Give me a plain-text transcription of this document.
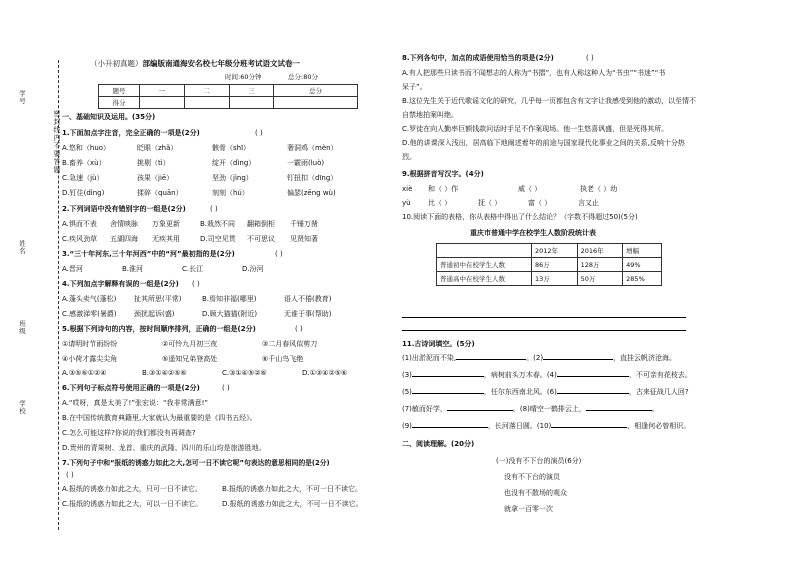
密封线内不要答题
学号
姓名
班级
学校
（小升初真题）部编版南通海安名校七年级分班考试语文试卷一
时间:60分钟	总分:80分
题号	一	二	三	总分
得分				
一、基础知识及运用。(35分)
1.下面加点字注音，完全正确的一项是(2分)	( )
A.悠和（huo）	眨眼（zhǎ）	骸骨（shī）	奢洞鸡（mèn）
B.畜养（xù）	挑剔（tì）	绽开（dìng）	一霰雨(luò)
C.急速（jù）	孩果（jiē）	坚劲（jìng）	钉扭扣（dīng）
D.钉住(dìng)	揉碎（quān）	刻刻（hú）	偏瑟(zēng wù)
2.下列词语中没有错别字的一组是(2分)	( )
A.惧而不表 舍情映脉 万象更新	B.栽然不同 翻箱倒柜 千锤万凿
C.疾风劲草 五湖四海 无疾其用	D.司空见贯 不可思议 见贤知著
3.“三十年河东,三十年河西”中的“河”最初指的是(2分)	( )
A.晋河	B.淮河	C.长江	D.汾河
4.下列加点字解释有误的一组是(2分) ( )
A.蓬头卖气(蓬松)	扯其所思(平常)	B.焉知非福(哪里)	语人不倦(教育)
C.感激涕零(暑爵) 颈扰起诉(盛)	D.顾大猫猫(附近)	无谁于事(帮助)
5.根据下列诗句的内容，按时间顺序排列，正确的一组是(2分)	( )
①请明时节雨纷纷	②可怜九月初三夜	③二月春风似剪刀
④小荷才露尖尖角	⑤遥知兄弟登高处	⑥千山鸟飞绝
A.③⑤⑥①②④	B.③①④②⑤⑥	C.③①④⑤②⑥	D.①③④②⑤⑥
6.下列句子标点符号使用正确的一项是(2分)	( )
A.“哎呀，真是太美了!”张宏说：“我非常满意!”
B.在中国传统教育典籍里,大家就认为最重要的是《四书五经》。
C.怎么可能这样?你说的我们都没有再调查?
D.贵州的青果树、龙首、重庆的武隆、四川的乐山均是旅游胜地。
7.下列句子中和“报纸的诱惑力如此之大,怎可一日不读它呢”句表达的意思相同的是(2分)
( )
A.报纸的诱惑力如此之大，只可一日不读它。	B.报纸的诱惑力如此之大，不可一日不读它。
C.报纸的诱惑力如此之大，可以一日不读它。	D.报纸的诱惑力如此之大，不可一日不读它。
8.下列各句中，加点的成语使用恰当的项是(2分)	( )
A.有人把那些只读书而不闻想志的人称为“书摺”，也有人称这种人为“书虫”“书迷”“书
呆子”。
B.这位先生关于近代歌谣文化的研究，几乎每一页都包含有文字让我感受到他的激动，以至情不
自禁地拍案叫绝。
C.罗徒在向人勤率巨额钱款问话时手足不作案现场。他一生悠喜讽盛，但是死得其所。
D.他的讲课深入浅出，居高临下地阐述着年的前途与国家现代化事业之间的关系,反响十分热
烈。
9.根据拼音写汉字。(4分)
xiè 和（ ）作	威（ ）	执老（ ）幼
yù 比（ ）	抚（ ）	富（ ）	言又止
10.阅读下面的表格，你从表格中得出了什么结论？（字数不得超过50)(5分)
重庆市普通中学在校学生人数阶段统计表
	2012年	2016年	增幅
普通初中在校学生人数	86万	128万	49%
普通高中在校学生人数	13万	50万	285%
11.古诗词填空。(5分)
(1)出淤泥而不染,	。(2)	，直挂云帆济沧海。
(3)	，病树前头万木春。(4)	，不可亲有花枝去。
(5)	，任尔东西南北风。(6)	，古来征战几人回?
(7)敏而好学，	。(8)晴空一鹤排云上，	。
(9)	，长河落日圆。(10)	，相逢何必曾相识。
二、阅读理解。(20分)
(一)没有不下台的演员(6分)
没有不下台的演员
也没有不散场的观众
就拿一百零一次
